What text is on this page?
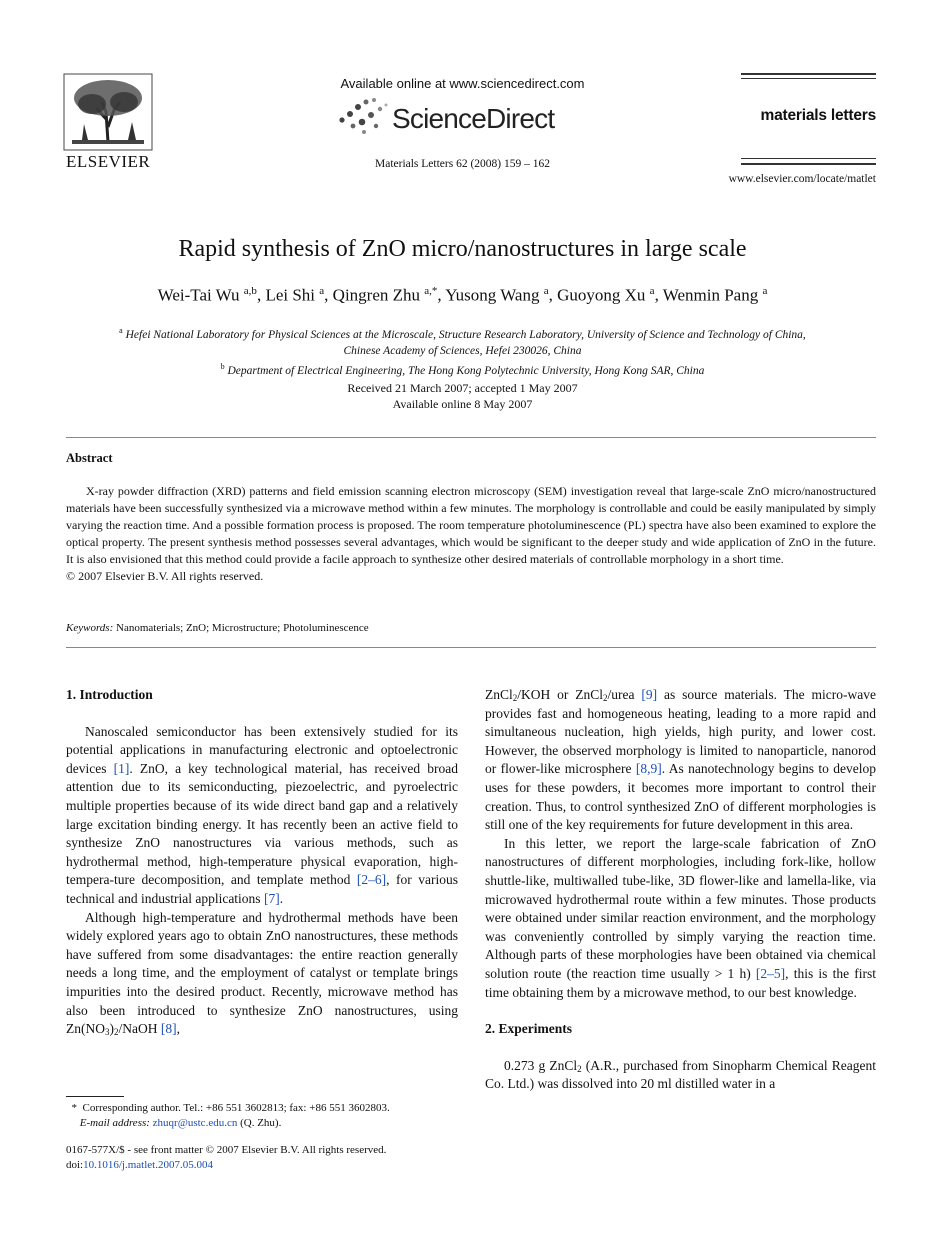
ELSEVIER
Available online at www.sciencedirect.com
ScienceDirect
Materials Letters 62 (2008) 159 – 162
materials letters
www.elsevier.com/locate/matlet
Rapid synthesis of ZnO micro/nanostructures in large scale
Wei-Tai Wu $^{a,b}$, Lei Shi $^a$, Qingren Zhu $^{a,*}$, Yusong Wang $^a$, Guoyong Xu $^a$, Wenmin Pang $^a$
$^a$ Hefei National Laboratory for Physical Sciences at the Microscale, Structure Research Laboratory, University of Science and Technology of China,
Chinese Academy of Sciences, Hefei 230026, China
$^b$ Department of Electrical Engineering, The Hong Kong Polytechnic University, Hong Kong SAR, China
Received 21 March 2007; accepted 1 May 2007
Available online 8 May 2007
Abstract

X-ray powder diffraction (XRD) patterns and field emission scanning electron microscopy (SEM) investigation reveal that large-scale ZnO micro/nanostructured materials have been successfully synthesized via a microwave method within a few minutes. The morphology is controllable and could be easily manipulated by simply varying the reaction time. And a possible formation process is proposed. The room temperature photoluminescence (PL) spectra have also been examined to explore the optical property. The present synthesis method possesses several advantages, which would be significant to the deeper study and wide application of ZnO in the future. It is also envisioned that this method could provide a facile approach to synthesize other desired materials of controllable morphology in a short time.

© 2007 Elsevier B.V. All rights reserved.

Keywords: Nanomaterials; ZnO; Microstructure; Photoluminescence

1. Introduction

Nanoscaled semiconductor has been extensively studied for its potential applications in manufacturing electronic and optoelectronic devices [1]. ZnO, a key technological material, has received broad attention due to its semiconducting, piezoelectric, and pyroelectric multiple properties because of its wide direct band gap and a relatively large excitation binding energy. It has recently been an active field to synthesize ZnO nanostructures via various methods, such as hydrothermal method, high-temperature physical evaporation, high-tempera-ture decomposition, and template method [2–6], for various technical and industrial applications [7].

Although high-temperature and hydrothermal methods have been widely explored years ago to obtain ZnO nanostructures, these methods have suffered from some disadvantages: the entire reaction generally needs a long time, and the employment of catalyst or template brings impurities into the desired product. Recently, microwave method has also been introduced to synthesize ZnO nanostructures, using $Zn(NO_3)_2$/NaOH [8],

* Corresponding author. Tel.: +86 551 3602813; fax: +86 551 3602803.
E-mail address: zhuqr@ustc.edu.cn (Q. Zhu).
0167-577X/$ - see front matter © 2007 Elsevier B.V. All rights reserved.
doi:10.1016/j.matlet.2007.05.004

ZnCl$_2$/KOH or ZnCl$_2$/urea [9] as source materials. The micro-wave provides fast and homogeneous heating, leading to a more rapid and simultaneous nucleation, high yields, high purity, and lower cost. However, the observed morphology is limited to nanoparticle, nanorod or flower-like microsphere [8,9]. As nanotechnology begins to develop uses for these powders, it becomes more important to control their creation. Thus, to control synthesized ZnO of different morphologies is still one of the key requirements for future development in this area.

In this letter, we report the large-scale fabrication of ZnO nanostructures of different morphologies, including fork-like, hollow shuttle-like, multiwalled tube-like, 3D flower-like and lamella-like, via microwaved hydrothermal route within a few minutes. Those products were obtained under similar reaction environment, and the morphology was conveniently controlled by simply varying the reaction time. Although parts of these morphologies have been obtained via chemical solution route (the reaction time usually > 1 h) [2–5], this is the first time obtaining them by a microwave method, to our best knowledge.

2. Experiments

0.273 g ZnCl$_2$ (A.R., purchased from Sinopharm Chemical Reagent Co. Ltd.) was dissolved into 20 ml distilled water in a
